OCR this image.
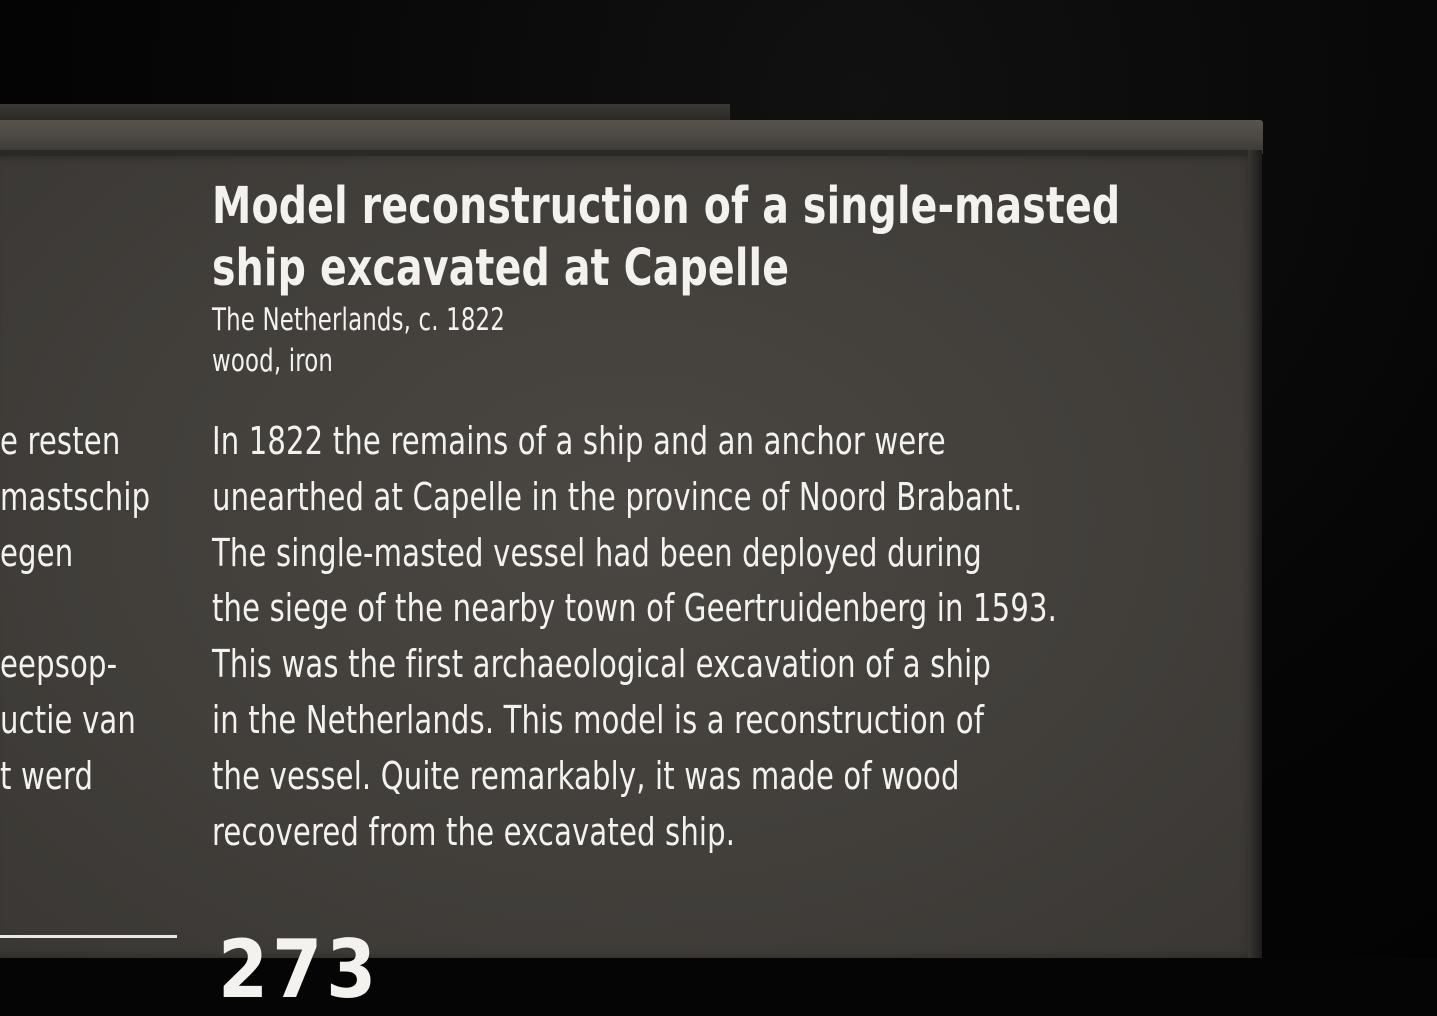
Model reconstruction of a single-masted
ship excavated at Capelle
The Netherlands, c. 1822
wood, iron
In 1822 the remains of a ship and an anchor were
unearthed at Capelle in the province of Noord Brabant.
The single-masted vessel had been deployed during
the siege of the nearby town of Geertruidenberg in 1593.
This was the first archaeological excavation of a ship
in the Netherlands. This model is a reconstruction of
the vessel. Quite remarkably, it was made of wood
recovered from the excavated ship.
e resten
mastschip
egen
eepsop-
uctie van
t werd
273
